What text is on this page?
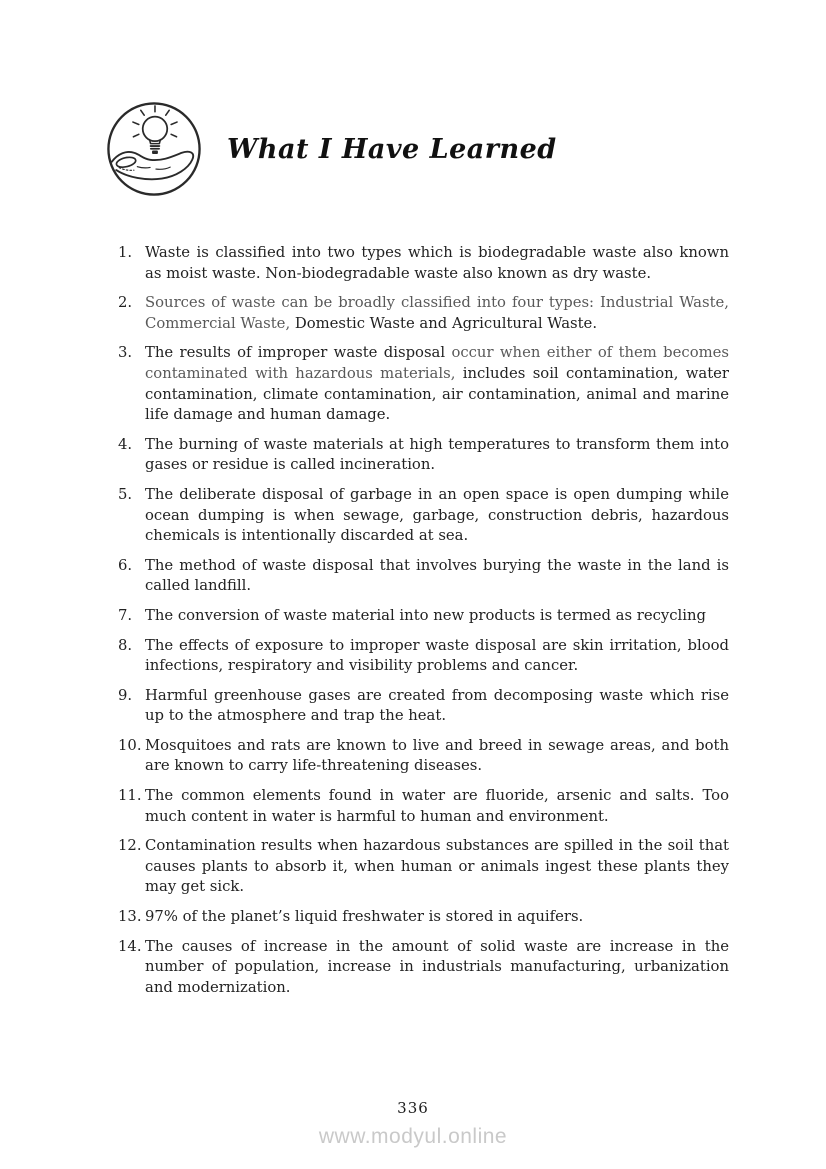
What I Have Learned
1. Waste is classified into two types which is biodegradable waste also known as moist waste. Non-biodegradable waste also known as dry waste.
2. Sources of waste can be broadly classified into four types: Industrial Waste, Commercial Waste, Domestic Waste and Agricultural Waste.
3. The results of improper waste disposal occur when either of them becomes contaminated with hazardous materials, includes soil contamination, water contamination, climate contamination, air contamination, animal and marine life damage and human damage.
4. The burning of waste materials at high temperatures to transform them into gases or residue is called incineration.
5. The deliberate disposal of garbage in an open space is open dumping while ocean dumping is when sewage, garbage, construction debris, hazardous chemicals is intentionally discarded at sea.
6. The method of waste disposal that involves burying the waste in the land is called landfill.
7. The conversion of waste material into new products is termed as recycling
8. The effects of exposure to improper waste disposal are skin irritation, blood infections, respiratory and visibility problems and cancer.
9. Harmful greenhouse gases are created from decomposing waste which rise up to the atmosphere and trap the heat.
10. Mosquitoes and rats are known to live and breed in sewage areas, and both are known to carry life-threatening diseases.
11. The common elements found in water are fluoride, arsenic and salts. Too much content in water is harmful to human and environment.
12. Contamination results when hazardous substances are spilled in the soil that causes plants to absorb it, when human or animals ingest these plants they may get sick.
13. 97% of the planet’s liquid freshwater is stored in aquifers.
14. The causes of increase in the amount of solid waste are increase in the number of population, increase in industrials manufacturing, urbanization and modernization.
336
www.modyul.online
